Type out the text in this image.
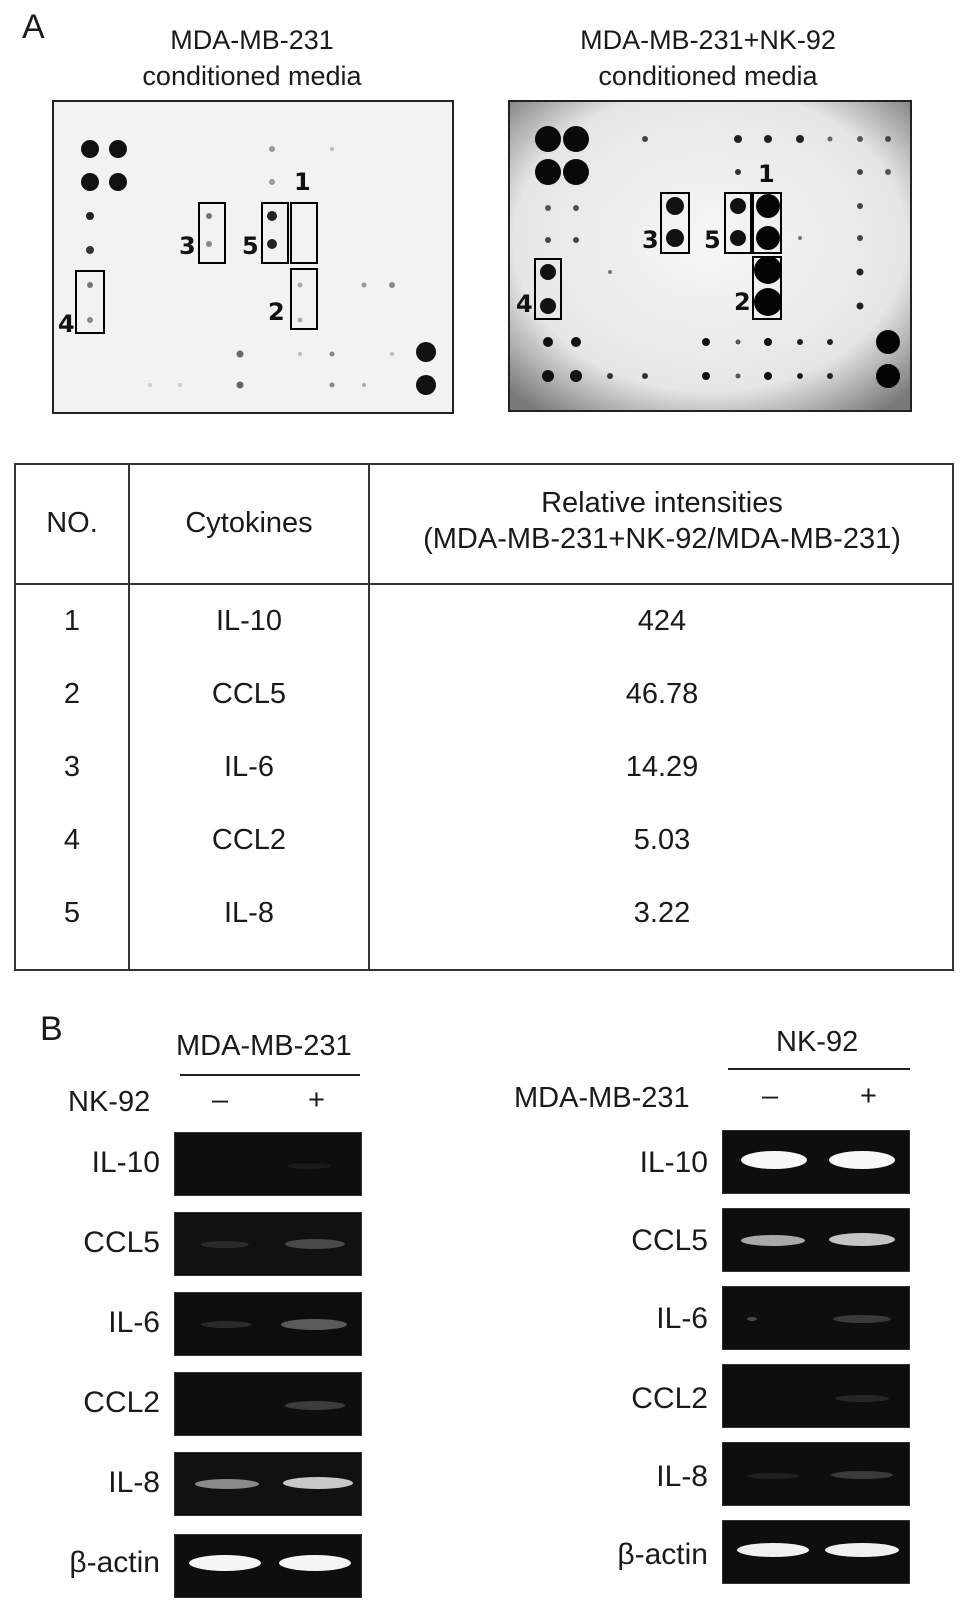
A	MDA-MB-231
conditioned media
MDA-MB-231+NK-92
conditioned media
1
2
3
4
5
1
2
3
4
5
NO.	Cytokines
Relative intensities
(MDA-MB-231+NK-92/MDA-MB-231)
1	IL-10	424
2	CCL5	46.78
3	IL-6	14.29
4	CCL2	5.03
5	IL-8	3.22
B	MDA-MB-231
NK-92 –	+
IL-10
CCL5
IL-6
CCL2
IL-8
β-actin
NK-92
MDA-MB-231 –	+
IL-10
CCL5
IL-6
CCL2
IL-8
β-actin
